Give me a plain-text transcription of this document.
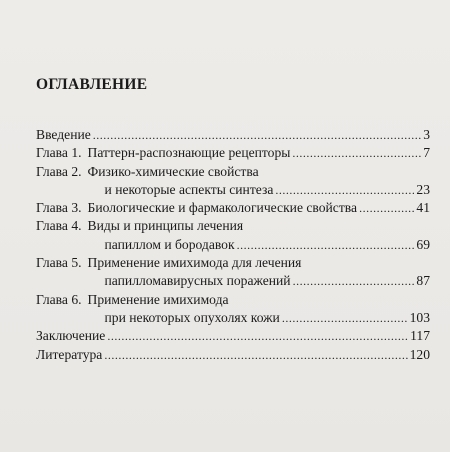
ОГЛАВЛЕНИЕ
Введение .....	3
Глава 1. Паттерн-распознающие рецепторы .....	7
Глава 2. Физико-химические свойства
и некоторые аспекты синтеза .....	23
Глава 3. Биологические и фармакологические свойства .....	41
Глава 4. Виды и принципы лечения
папиллом и бородавок .....	69
Глава 5. Применение имихимода для лечения
папилломавирусных поражений .....	87
Глава 6. Применение имихимода
при некоторых опухолях кожи .....	103
Заключение .....	117
Литература .....	120
